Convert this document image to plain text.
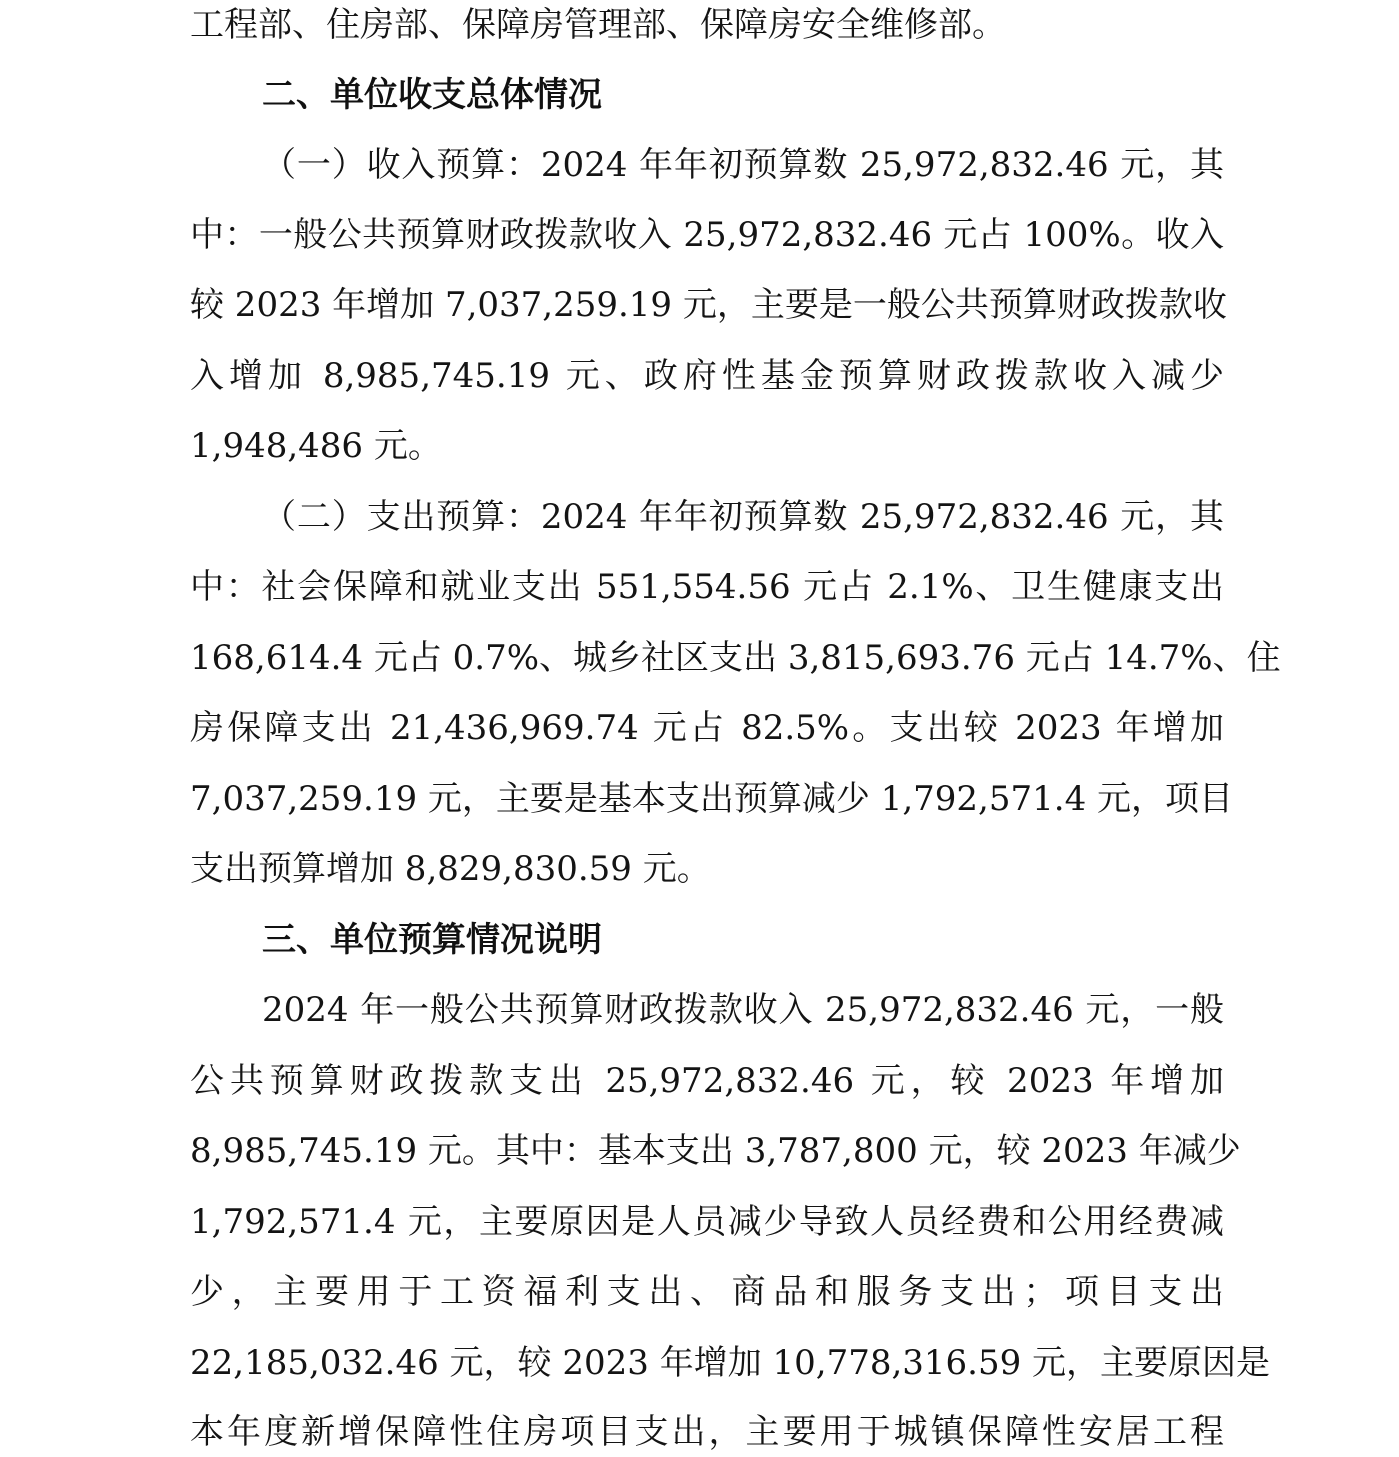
工程部、住房部、保障房管理部、保障房安全维修部。
二、单位收支总体情况
（一）收入预算：2024 年年初预算数 25,972,832.46 元，其
中：一般公共预算财政拨款收入 25,972,832.46 元占 100%。收入
较 2023 年增加 7,037,259.19 元，主要是一般公共预算财政拨款收
入增加 8,985,745.19 元、政府性基金预算财政拨款收入减少
1,948,486 元。
（二）支出预算：2024 年年初预算数 25,972,832.46 元，其
中：社会保障和就业支出 551,554.56 元占 2.1%、卫生健康支出
168,614.4 元占 0.7%、城乡社区支出 3,815,693.76 元占 14.7%、住
房保障支出 21,436,969.74 元占 82.5%。支出较 2023 年增加
7,037,259.19 元，主要是基本支出预算减少 1,792,571.4 元，项目
支出预算增加 8,829,830.59 元。
三、单位预算情况说明
2024 年一般公共预算财政拨款收入 25,972,832.46 元，一般
公共预算财政拨款支出 25,972,832.46 元，较 2023 年增加
8,985,745.19 元。其中：基本支出 3,787,800 元，较 2023 年减少
1,792,571.4 元，主要原因是人员减少导致人员经费和公用经费减
少，主要用于工资福利支出、商品和服务支出；项目支出
22,185,032.46 元，较 2023 年增加 10,778,316.59 元，主要原因是
本年度新增保障性住房项目支出，主要用于城镇保障性安居工程
